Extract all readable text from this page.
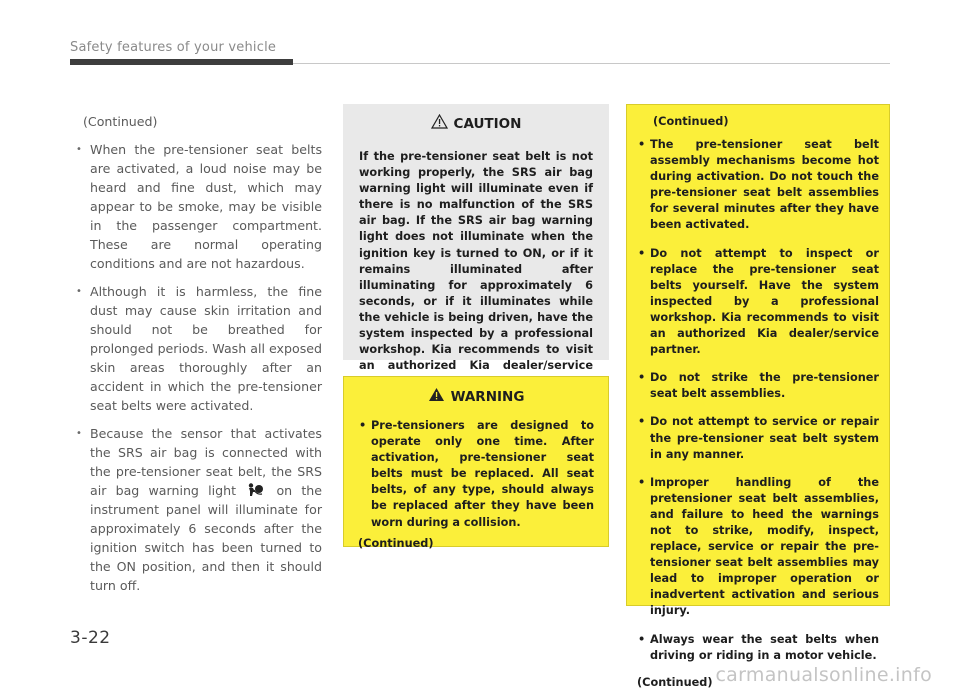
Safety features of your vehicle
(Continued)
• When the pre-tensioner seat belts are activated, a loud noise may be heard and fine dust, which may appear to be smoke, may be visible in the passenger compartment. These are normal operating conditions and are not hazardous.
• Although it is harmless, the fine dust may cause skin irritation and should not be breathed for prolonged periods. Wash all exposed skin areas thoroughly after an accident in which the pre-tensioner seat belts were activated.
• Because the sensor that activates the SRS air bag is connected with the pre-tensioner seat belt, the SRS air bag warning light	on the instrument panel will illuminate for approximately 6 seconds after the ignition switch has been turned to the ON position, and then it should turn off.
CAUTION
If the pre-tensioner seat belt is not working properly, the SRS air bag warning light will illuminate even if there is no malfunction of the SRS air bag. If the SRS air bag warning light does not illuminate when the ignition key is turned to ON, or if it remains illuminated after illuminating for approximately 6 seconds, or if it illuminates while the vehicle is being driven, have the system inspected by a professional workshop. Kia recommends to visit an authorized Kia dealer/service
WARNING
• Pre-tensioners are designed to operate only one time. After activation, pre-tensioner seat belts must be replaced. All seat belts, of any type, should always be replaced after they have been worn during a collision.
(Continued)
(Continued)
• The pre-tensioner seat belt assembly mechanisms become hot during activation. Do not touch the pre-tensioner seat belt assemblies for several minutes after they have been activated.
• Do not attempt to inspect or replace the pre-tensioner seat belts yourself. Have the system inspected by a professional workshop. Kia recommends to visit an authorized Kia dealer/service partner.
• Do not strike the pre-tensioner seat belt assemblies.
• Do not attempt to service or repair the pre-tensioner seat belt system in any manner.
• Improper handling of the pretensioner seat belt assemblies, and failure to heed the warnings not to strike, modify, inspect, replace, service or repair the pre-tensioner seat belt assemblies may lead to improper operation or inadvertent activation and serious injury.
• Always wear the seat belts when driving or riding in a motor vehicle.
(Continued)
3-22
carmanualsonline.info
